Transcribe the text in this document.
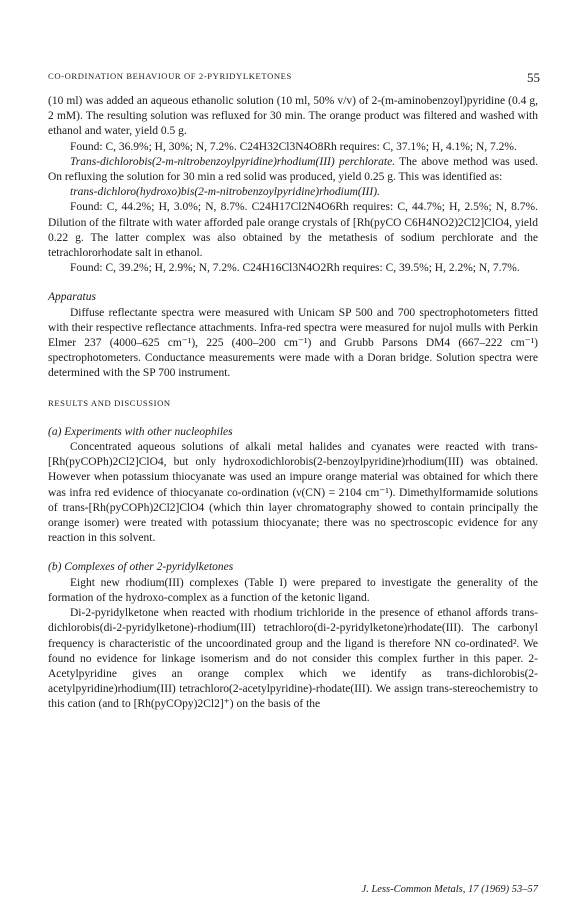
CO-ORDINATION BEHAVIOUR OF 2-PYRIDYLKETONES	55

(10 ml) was added an aqueous ethanolic solution (10 ml, 50% v/v) of 2-(m-aminobenzoyl)pyridine (0.4 g, 2 mM). The resulting solution was refluxed for 30 min. The orange product was filtered and washed with ethanol and water, yield 0.5 g.

Found: C, 36.9%; H, 30%; N, 7.2%. C24H32Cl3N4O8Rh requires: C, 37.1%; H, 4.1%; N, 7.2%.

Trans-dichlorobis(2-m-nitrobenzoylpyridine)rhodium(III) perchlorate. The above method was used. On refluxing the solution for 30 min a red solid was produced, yield 0.25 g. This was identified as:

trans-dichloro(hydroxo)bis(2-m-nitrobenzoylpyridine)rhodium(III).

Found: C, 44.2%; H, 3.0%; N, 8.7%. C24H17Cl2N4O6Rh requires: C, 44.7%; H, 2.5%; N, 8.7%. Dilution of the filtrate with water afforded pale orange crystals of [Rh(pyCO C6H4NO2)2Cl2]ClO4, yield 0.22 g. The latter complex was also obtained by the metathesis of sodium perchlorate and the tetrachlororhodate salt in ethanol.

Found: C, 39.2%; H, 2.9%; N, 7.2%. C24H16Cl3N4O2Rh requires: C, 39.5%; H, 2.2%; N, 7.7%.

Apparatus

Diffuse reflectante spectra were measured with Unicam SP 500 and 700 spectrophotometers fitted with their respective reflectance attachments. Infra-red spectra were measured for nujol mulls with Perkin Elmer 237 (4000–625 cm⁻¹), 225 (400–200 cm⁻¹) and Grubb Parsons DM4 (667–222 cm⁻¹) spectrophotometers. Conductance measurements were made with a Doran bridge. Solution spectra were determined with the SP 700 instrument.

RESULTS AND DISCUSSION

(a) Experiments with other nucleophiles

Concentrated aqueous solutions of alkali metal halides and cyanates were reacted with trans-[Rh(pyCOPh)2Cl2]ClO4, but only hydroxodichlorobis(2-benzoylpyridine)rhodium(III) was obtained. However when potassium thiocyanate was used an impure orange material was obtained for which there was infra red evidence of thiocyanate co-ordination (ν(CN) = 2104 cm⁻¹). Dimethylformamide solutions of trans-[Rh(pyCOPh)2Cl2]ClO4 (which thin layer chromatography showed to contain principally the orange isomer) were treated with potassium thiocyanate; there was no spectroscopic evidence for any reaction in this solvent.

(b) Complexes of other 2-pyridylketones

Eight new rhodium(III) complexes (Table I) were prepared to investigate the generality of the formation of the hydroxo-complex as a function of the ketonic ligand.

Di-2-pyridylketone when reacted with rhodium trichloride in the presence of ethanol affords trans-dichlorobis(di-2-pyridylketone)-rhodium(III) tetrachloro(di-2-pyridylketone)rhodate(III). The carbonyl frequency is characteristic of the uncoordinated group and the ligand is therefore NN co-ordinated². We found no evidence for linkage isomerism and do not consider this complex further in this paper. 2-Acetylpyridine gives an orange complex which we identify as trans-dichlorobis(2-acetylpyridine)rhodium(III) tetrachloro(2-acetylpyridine)-rhodate(III). We assign trans-stereochemistry to this cation (and to [Rh(pyCOpy)2Cl2]⁺) on the basis of the

J. Less-Common Metals, 17 (1969) 53–57
